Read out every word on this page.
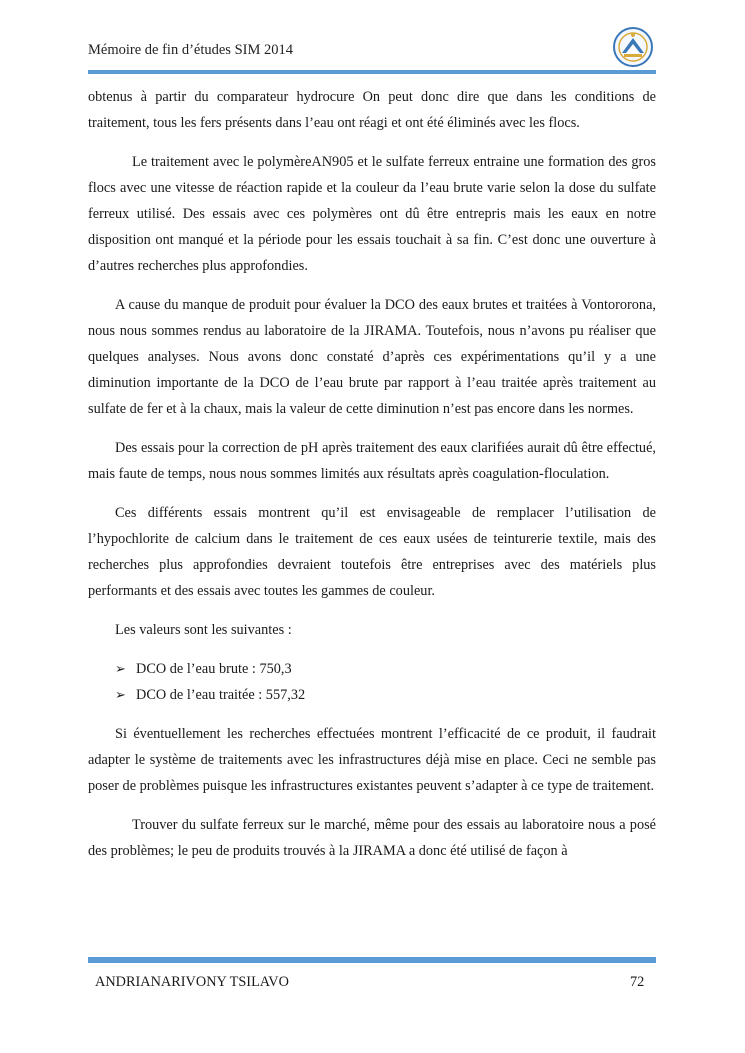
Mémoire de fin d’études SIM 2014

obtenus à partir du comparateur hydrocure On peut donc dire que dans les conditions de traitement, tous les fers présents dans l’eau ont réagi et ont été éliminés avec les flocs.

Le traitement avec le polymèreAN905 et le sulfate ferreux entraine une formation des gros flocs avec une vitesse de réaction rapide et la couleur da l’eau brute varie selon la dose du sulfate ferreux utilisé. Des essais avec ces polymères ont dû être entrepris mais les eaux en notre disposition ont manqué et la période pour les essais touchait à sa fin. C’est donc une ouverture à d’autres recherches plus approfondies.

A cause du manque de produit pour évaluer la DCO des eaux brutes et traitées à Vontororona, nous nous sommes rendus au laboratoire de la JIRAMA. Toutefois, nous n’avons pu réaliser que quelques analyses. Nous avons donc constaté d’après ces expérimentations qu’il y a une diminution importante de la DCO de l’eau brute par rapport à l’eau traitée après traitement au sulfate de fer et à la chaux, mais la valeur de cette diminution n’est pas encore dans les normes.

Des essais pour la correction de pH après traitement des eaux clarifiées aurait dû être effectué, mais faute de temps, nous nous sommes limités aux résultats après coagulation-floculation.

Ces différents essais montrent qu’il est envisageable de remplacer l’utilisation de l’hypochlorite de calcium dans le traitement de ces eaux usées de teinturerie textile, mais des recherches plus approfondies devraient toutefois être entreprises avec des matériels plus performants et des essais avec toutes les gammes de couleur.

Les valeurs sont les suivantes :

➢ DCO de l’eau brute : 750,3
➢ DCO de l’eau traitée : 557,32

Si éventuellement les recherches effectuées montrent l’efficacité de ce produit, il faudrait adapter le système de traitements avec les infrastructures déjà mise en place. Ceci ne semble pas poser de problèmes puisque les infrastructures existantes peuvent s’adapter à ce type de traitement.

Trouver du sulfate ferreux sur le marché, même pour des essais au laboratoire nous a posé des problèmes; le peu de produits trouvés à la JIRAMA a donc été utilisé de façon à

ANDRIANARIVONY TSILAVO	72
